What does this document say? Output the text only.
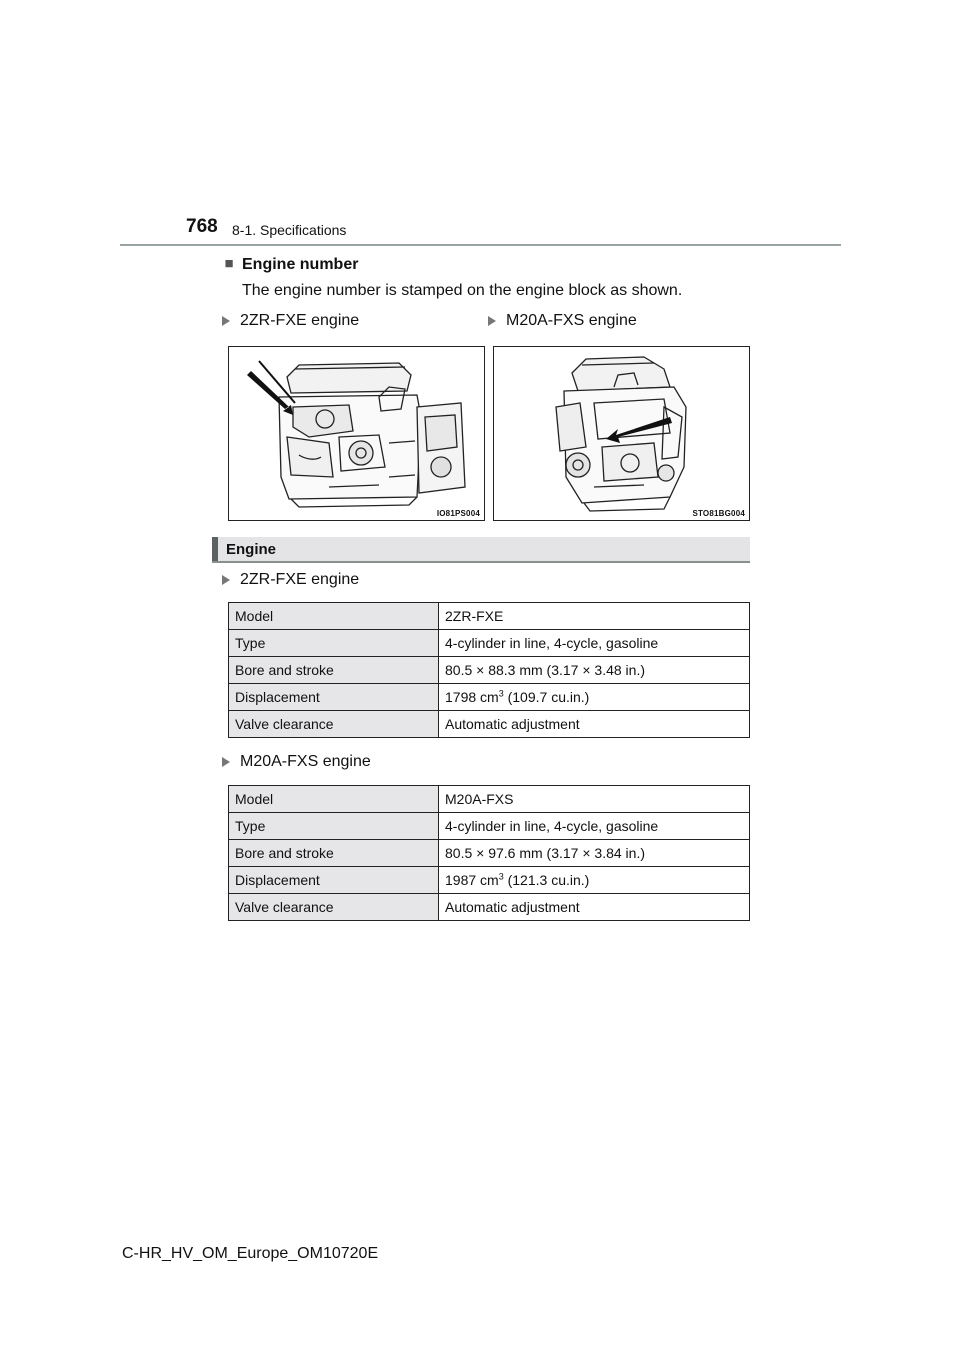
768 8-1. Specifications
■ Engine number
The engine number is stamped on the engine block as shown.
2ZR-FXE engine	M20A-FXS engine
IO81PS004	STO81BG004
Engine
2ZR-FXE engine
Model	2ZR-FXE
Type	4-cylinder in line, 4-cycle, gasoline
Bore and stroke	80.5 × 88.3 mm (3.17 × 3.48 in.)
Displacement	1798 $cm^3$ (109.7 cu.in.)
Valve clearance	Automatic adjustment
M20A-FXS engine
Model	M20A-FXS
Type	4-cylinder in line, 4-cycle, gasoline
Bore and stroke	80.5 × 97.6 mm (3.17 × 3.84 in.)
Displacement	1987 $cm^3$ (121.3 cu.in.)
Valve clearance	Automatic adjustment
C-HR_HV_OM_Europe_OM10720E
